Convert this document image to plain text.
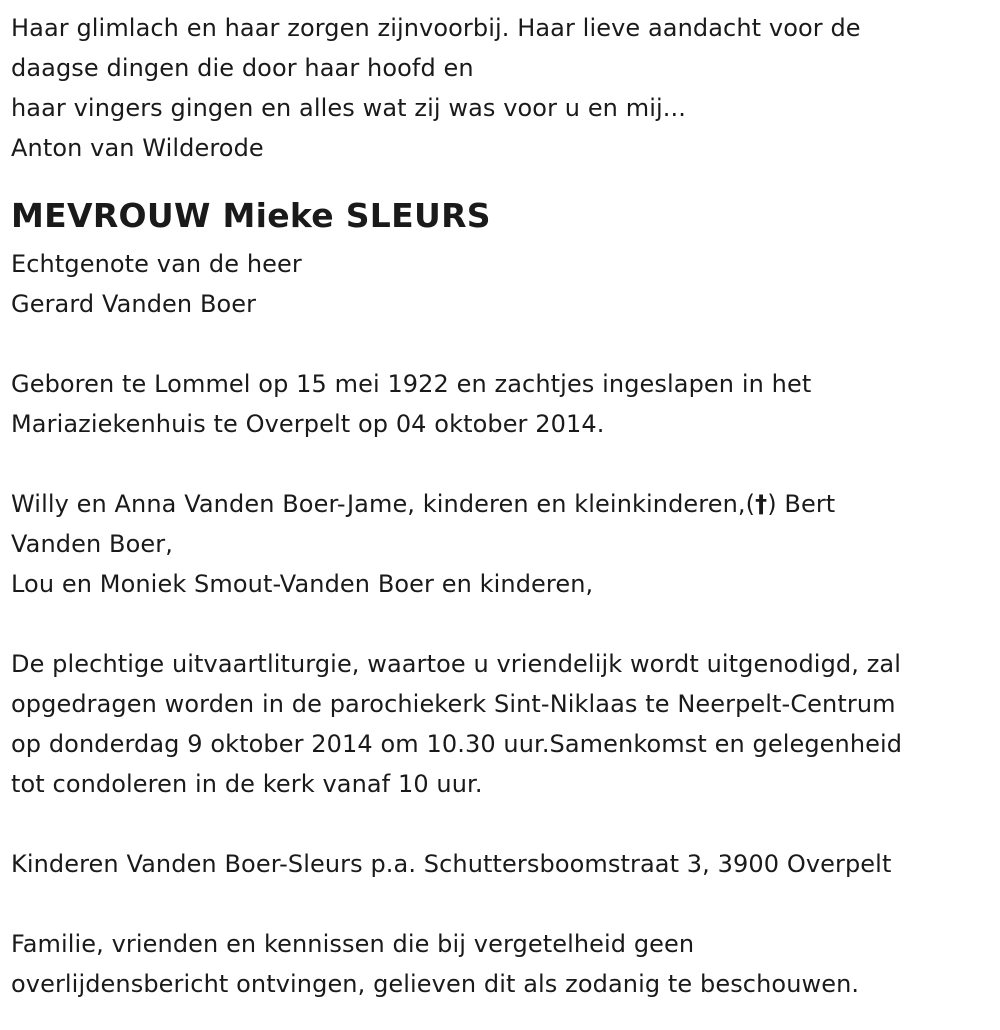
Haar glimlach en haar zorgen zijnvoorbij. Haar lieve aandacht voor de
daagse dingen die door haar hoofd en
haar vingers gingen en alles wat zij was voor u en mij...
Anton van Wilderode
MEVROUW Mieke SLEURS
Echtgenote van de heer
Gerard Vanden Boer
Geboren te Lommel op 15 mei 1922 en zachtjes ingeslapen in het
Mariaziekenhuis te Overpelt op 04 oktober 2014.
Willy en Anna Vanden Boer-Jame, kinderen en kleinkinderen,(†) Bert
Vanden Boer,
Lou en Moniek Smout-Vanden Boer en kinderen,
De plechtige uitvaartliturgie, waartoe u vriendelijk wordt uitgenodigd, zal
opgedragen worden in de parochiekerk Sint-Niklaas te Neerpelt-Centrum
op donderdag 9 oktober 2014 om 10.30 uur.Samenkomst en gelegenheid
tot condoleren in de kerk vanaf 10 uur.
Kinderen Vanden Boer-Sleurs p.a. Schuttersboomstraat 3, 3900 Overpelt
Familie, vrienden en kennissen die bij vergetelheid geen
overlijdensbericht ontvingen, gelieven dit als zodanig te beschouwen.
